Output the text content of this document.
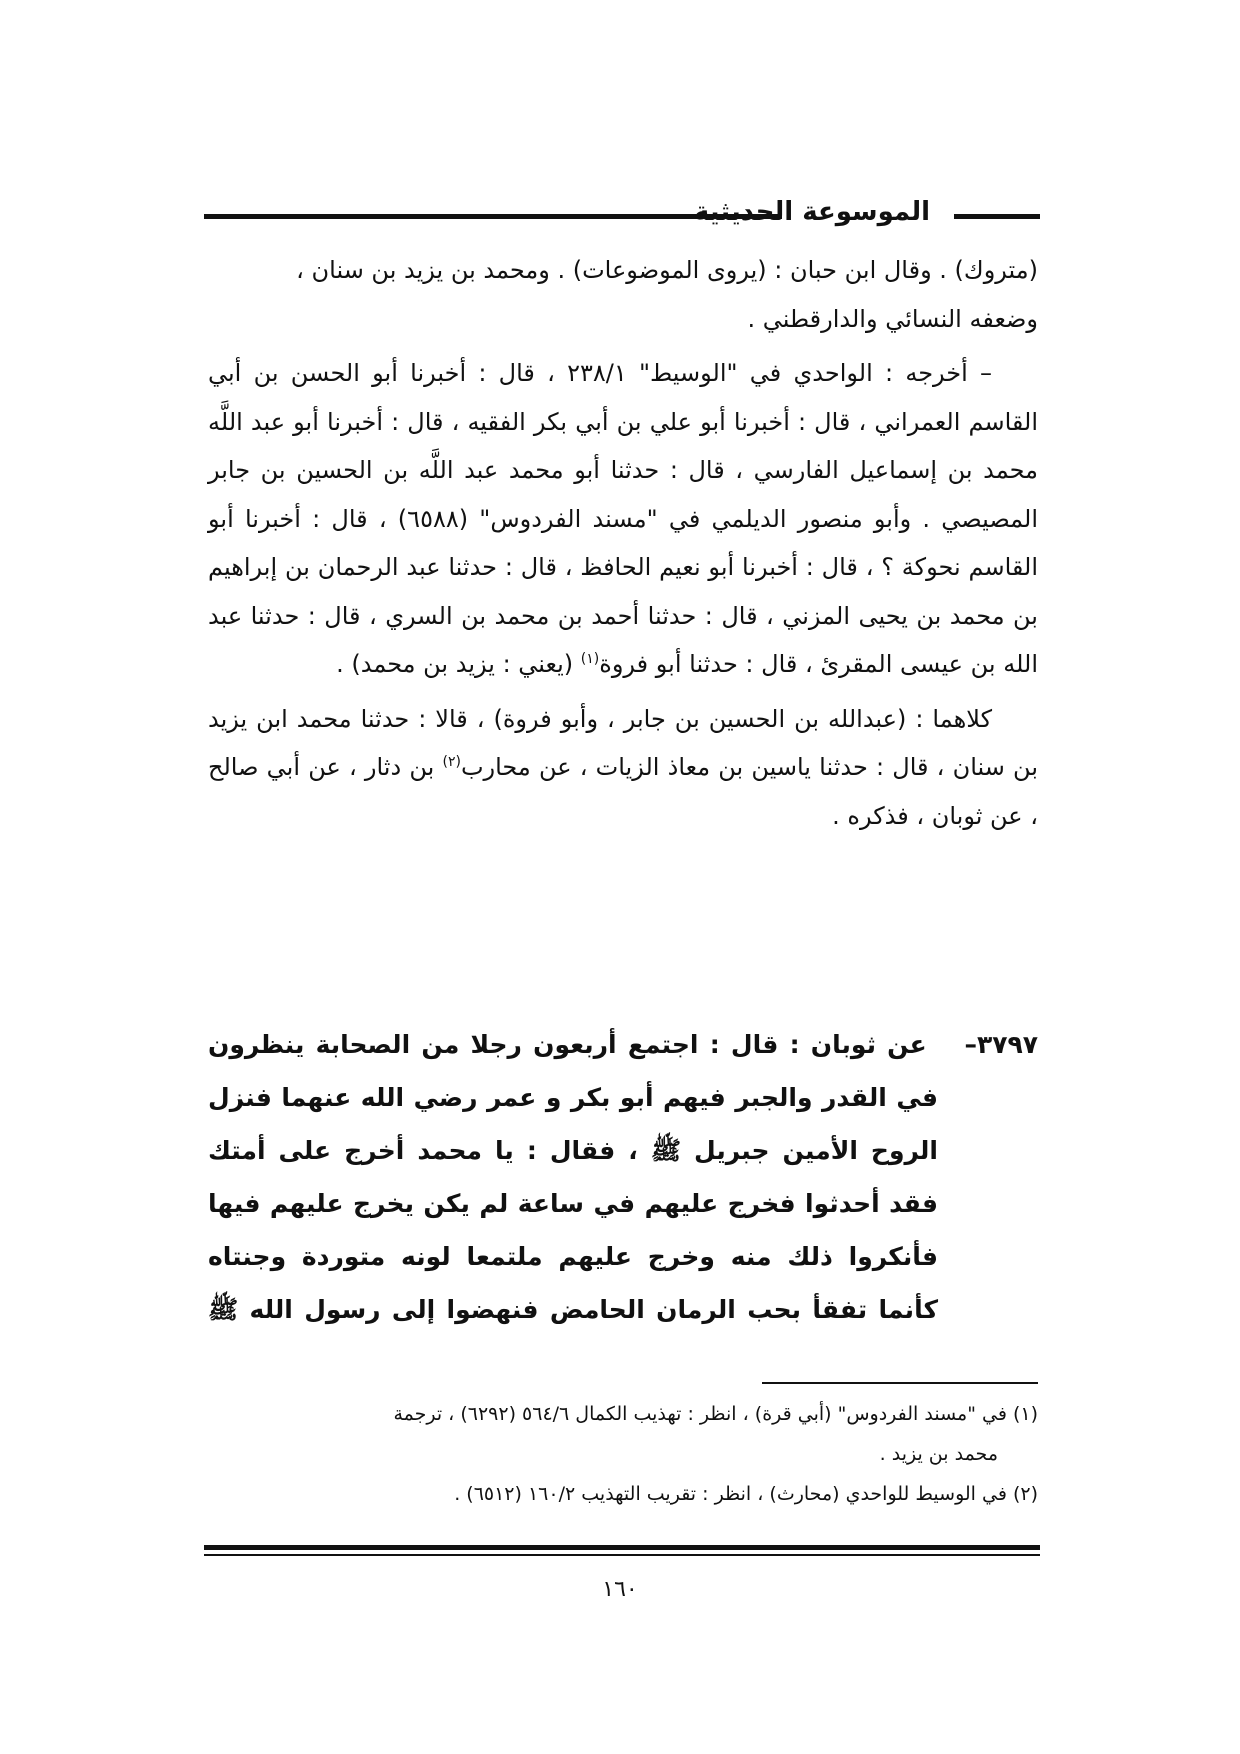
الموسوعة الحديثية

(متروك) . وقال ابن حبان : (يروى الموضوعات) . ومحمد بن يزيد بن سنان ،
وضعفه النسائي والدارقطني .

– أخرجه : الواحدي في "الوسيط" ٢٣٨/١ ، قال : أخبرنا أبو الحسن بن أبي القاسم العمراني ، قال : أخبرنا أبو علي بن أبي بكر الفقيه ، قال : أخبرنا أبو عبد اللَّه محمد بن إسماعيل الفارسي ، قال : حدثنا أبو محمد عبد اللَّه بن الحسين بن جابر المصيصي . وأبو منصور الديلمي في "مسند الفردوس" (٦٥٨٨) ، قال : أخبرنا أبو القاسم نحوكة ؟ ، قال : أخبرنا أبو نعيم الحافظ ، قال : حدثنا عبد الرحمان بن إبراهيم بن محمد بن يحيى المزني ، قال : حدثنا أحمد بن محمد بن السري ، قال : حدثنا عبد الله بن عيسى المقرئ ، قال : حدثنا أبو فروة$^{(١)}$ (يعني : يزيد بن محمد) .

كلاهما : (عبدالله بن الحسين بن جابر ، وأبو فروة) ، قالا : حدثنا محمد ابن يزيد بن سنان ، قال : حدثنا ياسين بن معاذ الزيات ، عن محارب$^{(٢)}$ بن دثار ، عن أبي صالح ، عن ثوبان ، فذكره .

٣٧٩٧– عن ثوبان : قال : اجتمع أربعون رجلا من الصحابة ينظرون
في القدر والجبر فيهم أبو بكر و عمر رضي الله عنهما فنزل
الروح الأمين جبريل ﷺ ، فقال : يا محمد أخرج على أمتك
فقد أحدثوا فخرج عليهم في ساعة لم يكن يخرج عليهم فيها
فأنكروا ذلك منه وخرج عليهم ملتمعا لونه متوردة وجنتاه
كأنما تفقأ بحب الرمان الحامض فنهضوا إلى رسول الله ﷺ

(١) في "مسند الفردوس" (أبي قرة) ، انظر : تهذيب الكمال ٥٦٤/٦ (٦٢٩٢) ، ترجمة
محمد بن يزيد .

(٢) في الوسيط للواحدي (محارث) ، انظر : تقريب التهذيب ١٦٠/٢ (٦٥١٢) .

١٦٠
